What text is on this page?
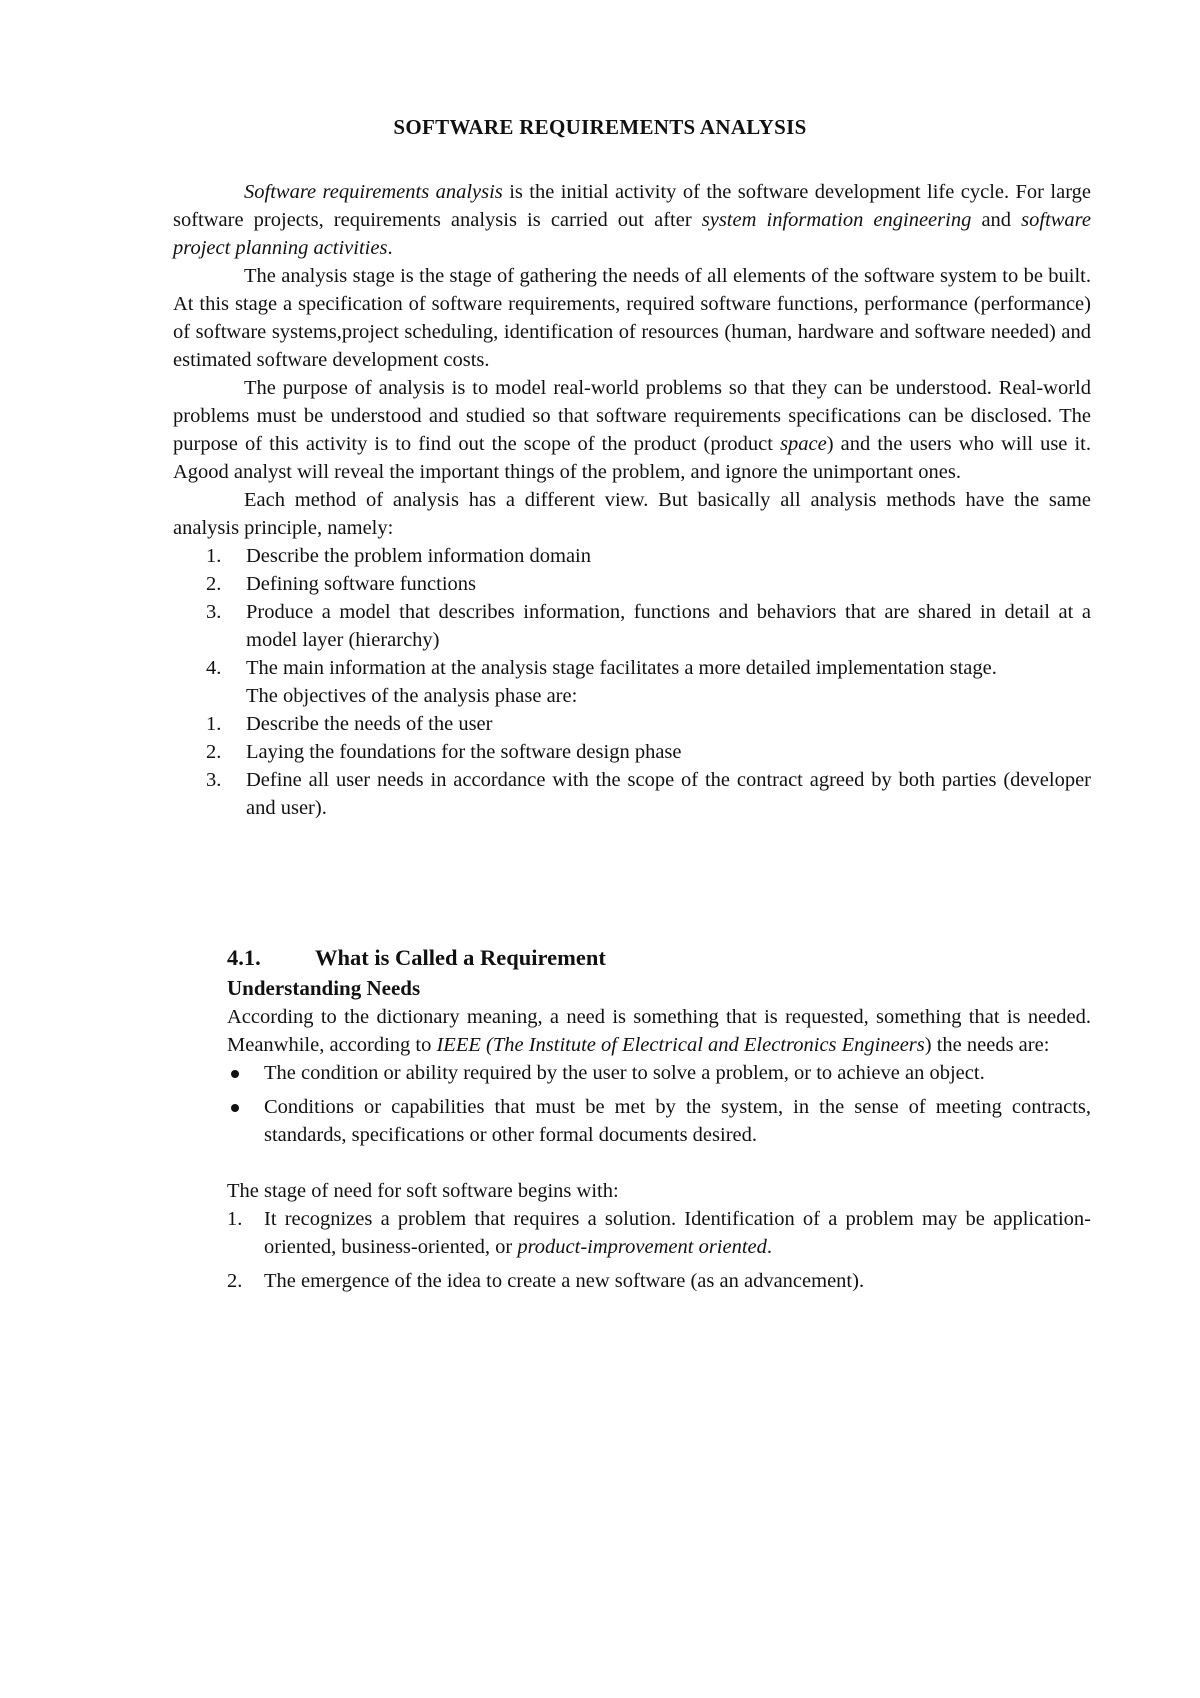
SOFTWARE REQUIREMENTS ANALYSIS

Software requirements analysis is the initial activity of the software development life cycle. For large software projects, requirements analysis is carried out after system information engineering and software project planning activities.

The analysis stage is the stage of gathering the needs of all elements of the software system to be built. At this stage a specification of software requirements, required software functions, performance (performance) of software systems,project scheduling, identification of resources (human, hardware and software needed) and estimated software development costs.

The purpose of analysis is to model real-world problems so that they can be understood. Real-world problems must be understood and studied so that software requirements specifications can be disclosed. The purpose of this activity is to find out the scope of the product (product space) and the users who will use it. Agood analyst will reveal the important things of the problem, and ignore the unimportant ones.

Each method of analysis has a different view. But basically all analysis methods have the same analysis principle, namely:

1. Describe the problem information domain
2. Defining software functions
3. Produce a model that describes information, functions and behaviors that are shared in detail at a model layer (hierarchy)
4. The main information at the analysis stage facilitates a more detailed implementation stage.

The objectives of the analysis phase are:

1. Describe the needs of the user
2. Laying the foundations for the software design phase
3. Define all user needs in accordance with the scope of the contract agreed by both parties (developer and user).
4.1. What is Called a Requirement
Understanding Needs

According to the dictionary meaning, a need is something that is requested, something that is needed. Meanwhile, according to IEEE (The Institute of Electrical and Electronics Engineers) the needs are:

The condition or ability required by the user to solve a problem, or to achieve an object.
Conditions or capabilities that must be met by the system, in the sense of meeting contracts, standards, specifications or other formal documents desired.

The stage of need for soft software begins with:

1. It recognizes a problem that requires a solution. Identification of a problem may be application-oriented, business-oriented, or product-improvement oriented.
2. The emergence of the idea to create a new software (as an advancement).
